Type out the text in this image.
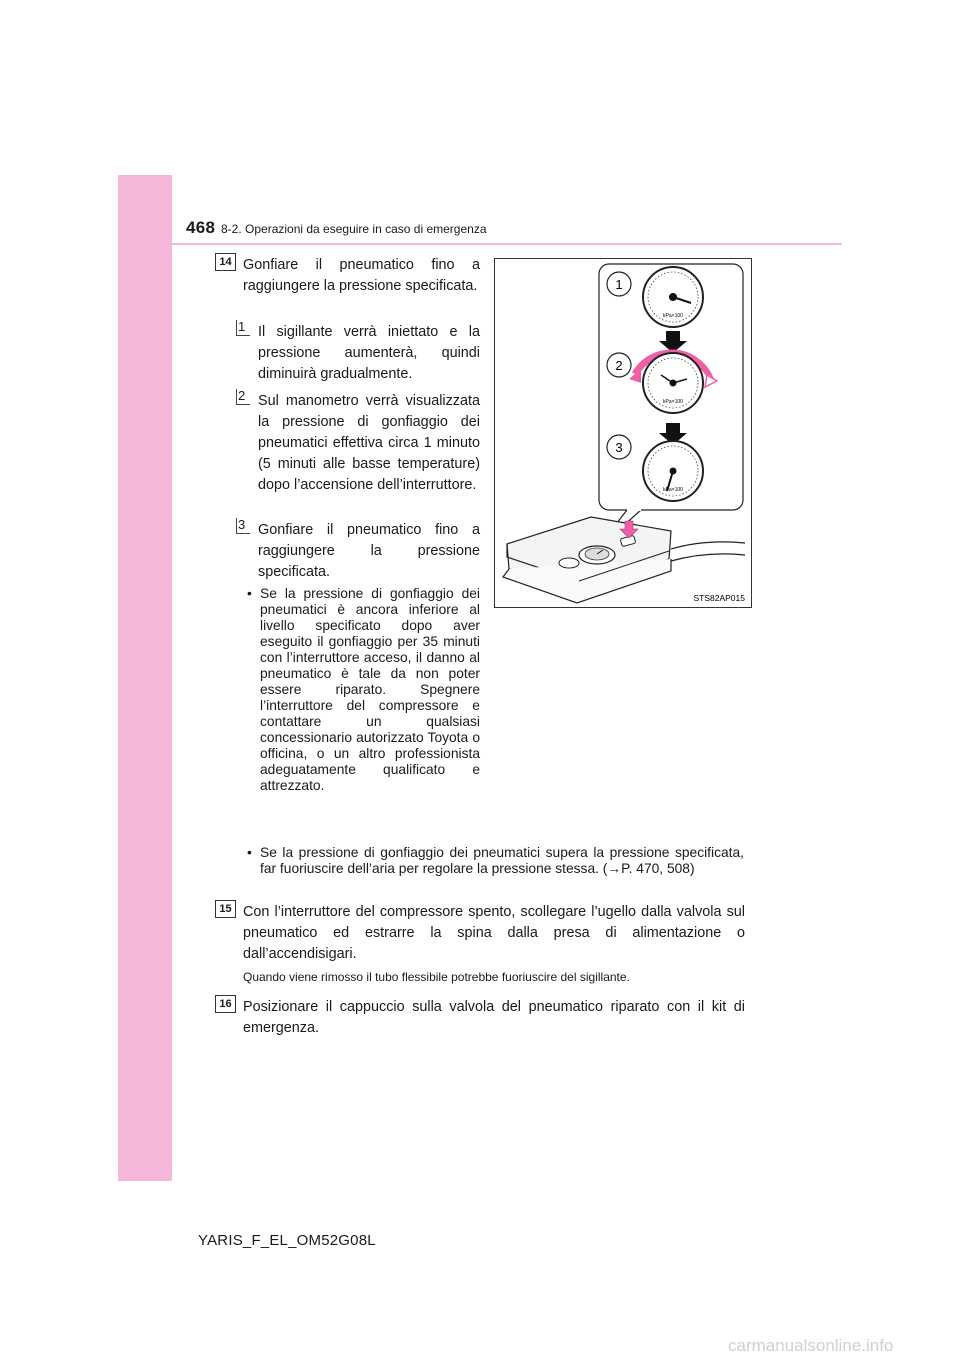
468 8-2. Operazioni da eseguire in caso di emergenza
14 Gonfiare il pneumatico fino a raggiungere la pressione specificata.

1 Il sigillante verrà iniettato e la pressione aumenterà, quindi diminuirà gradualmente.

2 Sul manometro verrà visualizzata la pressione di gonfiaggio dei pneumatici effettiva circa 1 minuto (5 minuti alle basse temperature) dopo l’accensione dell’interruttore.

3 Gonfiare il pneumatico fino a raggiungere la pressione specificata.

• Se la pressione di gonfiaggio dei pneumatici è ancora inferiore al livello specificato dopo aver eseguito il gonfiaggio per 35 minuti con l’interruttore acceso, il danno al pneumatico è tale da non poter essere riparato. Spegnere l’interruttore del compressore e contattare un qualsiasi concessionario autorizzato Toyota o officina, o un altro professionista adeguatamente qualificato e attrezzato.

• Se la pressione di gonfiaggio dei pneumatici supera la pressione specificata, far fuoriuscire dell’aria per regolare la pressione stessa. (→P. 470, 508)

1
2
3
kPa×100
kPa×100
kPa×100
STS82AP015
15 Con l’interruttore del compressore spento, scollegare l’ugello dalla valvola sul pneumatico ed estrarre la spina dalla presa di alimentazione o dall’accendisigari.

Quando viene rimosso il tubo flessibile potrebbe fuoriuscire del sigillante.
16 Posizionare il cappuccio sulla valvola del pneumatico riparato con il kit di emergenza.

YARIS_F_EL_OM52G08L
carmanualsonline.info
